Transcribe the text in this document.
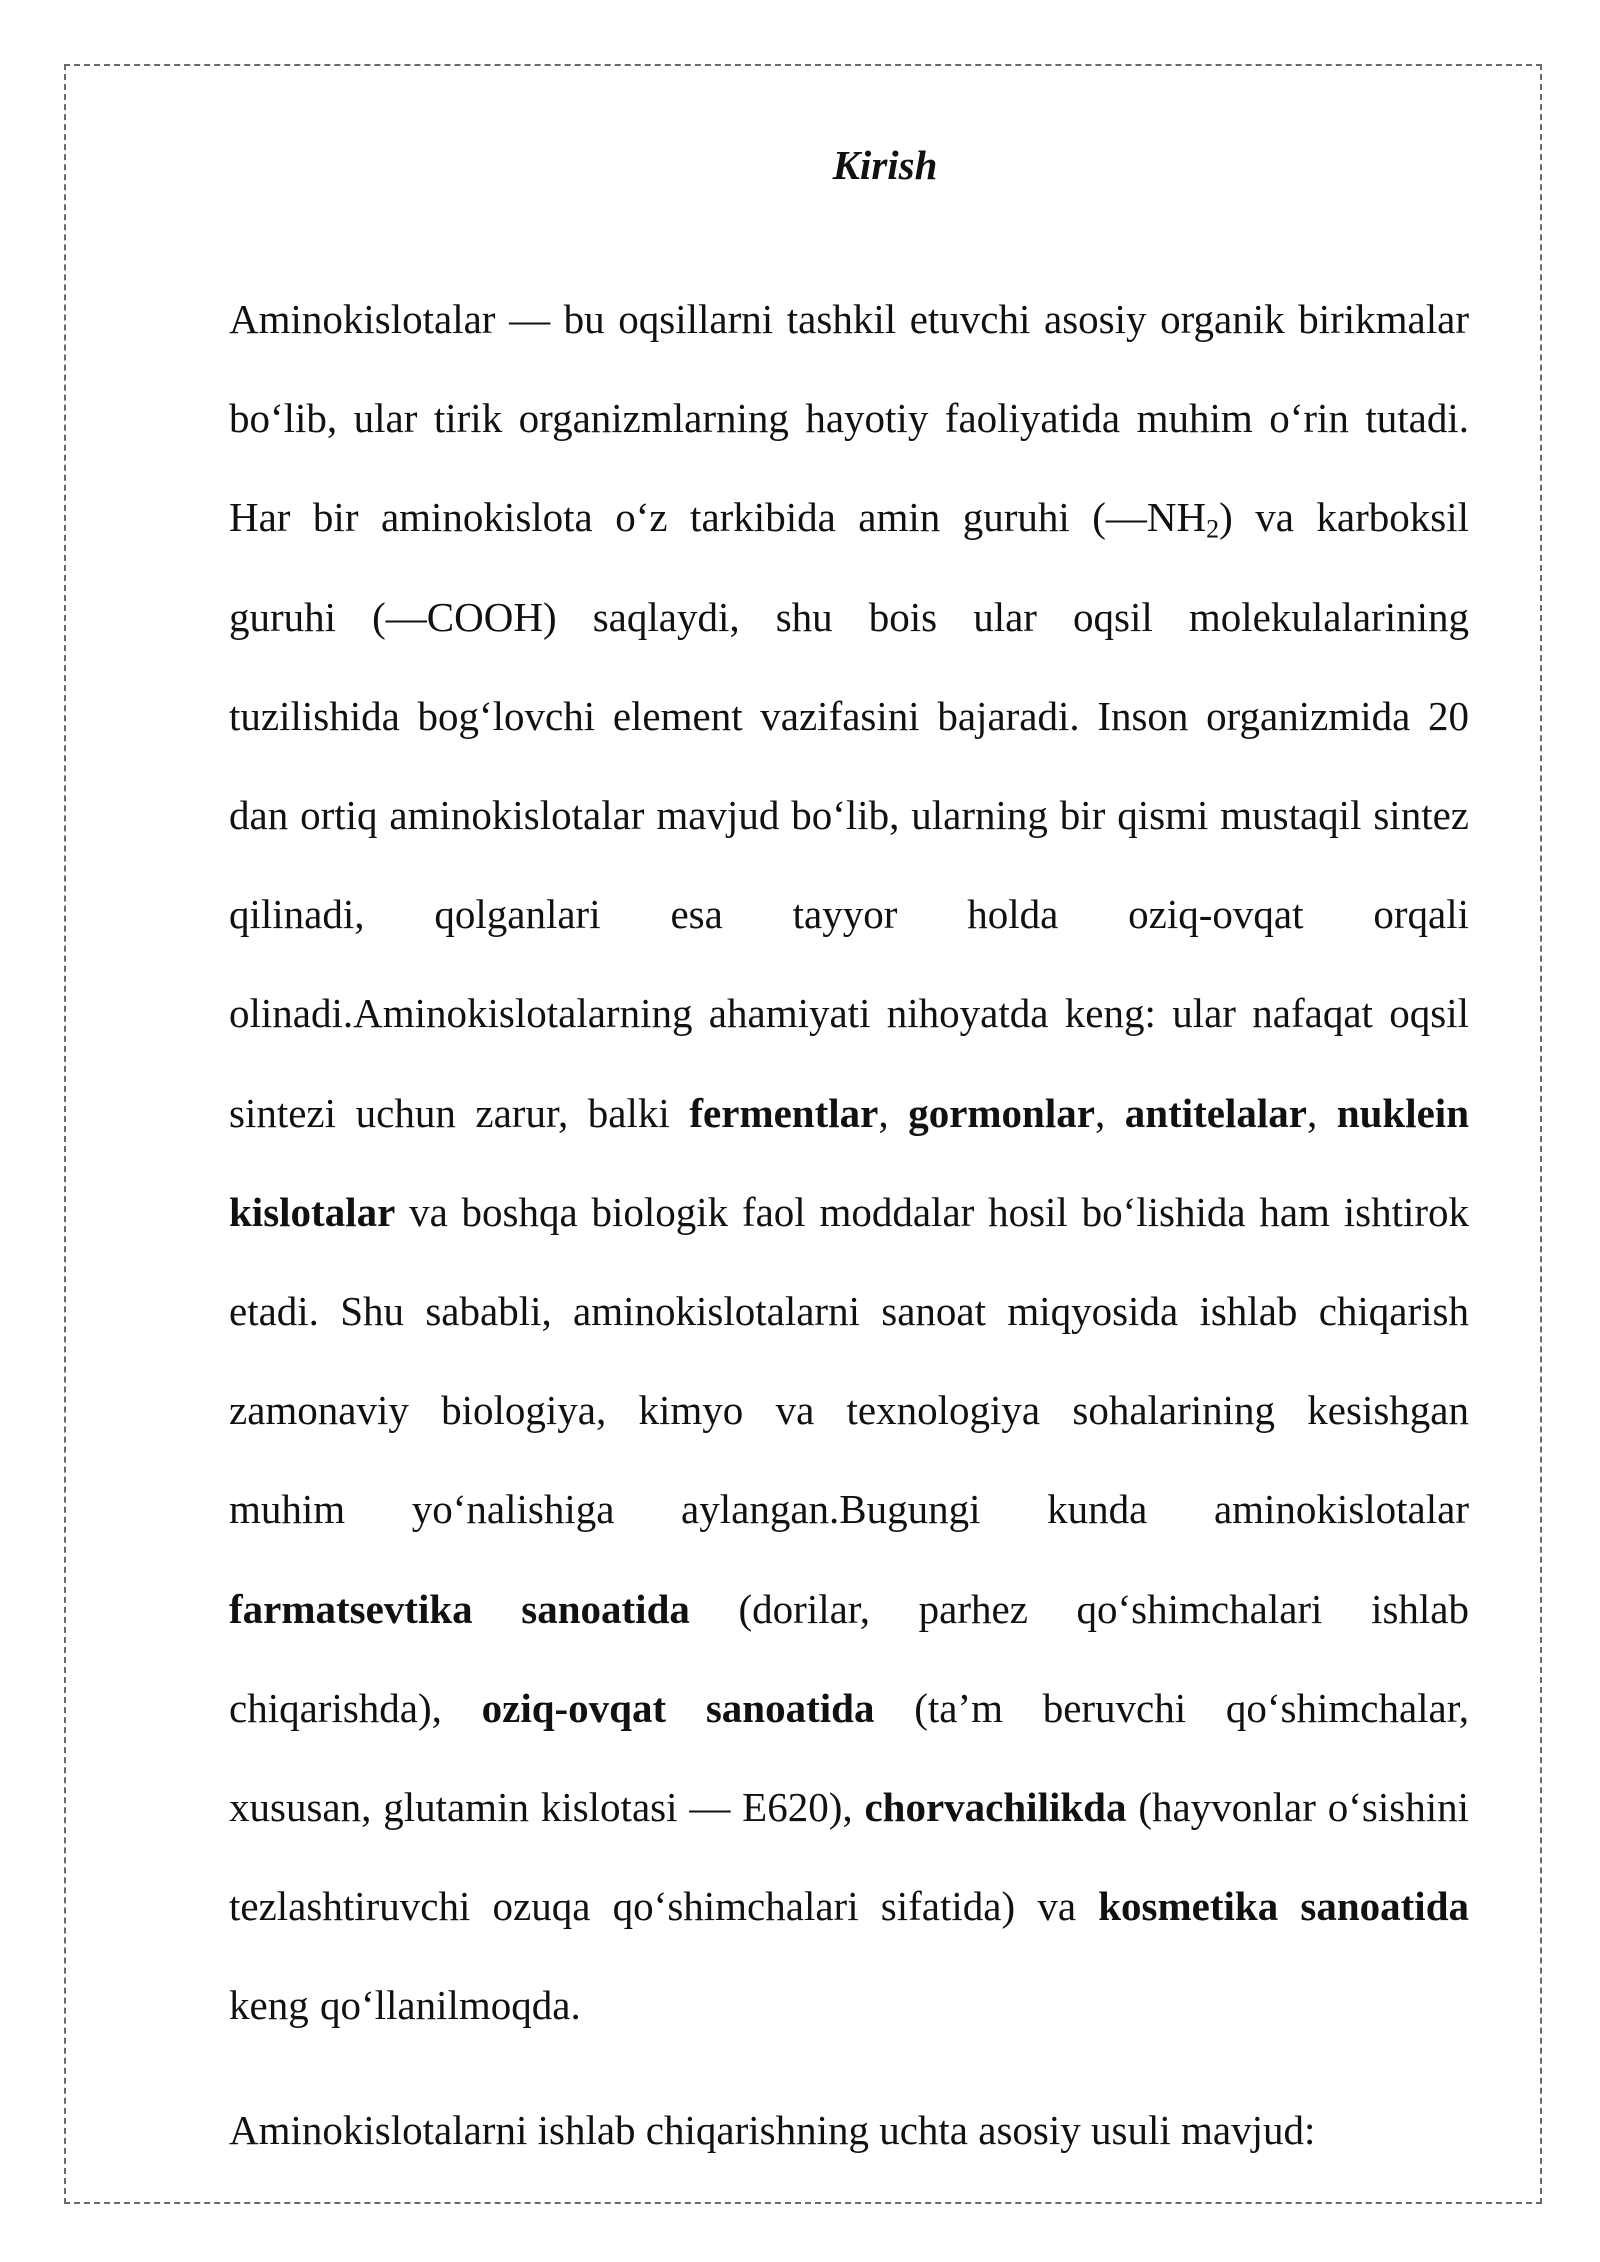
Kirish

Aminokislotalar — bu oqsillarni tashkil etuvchi asosiy organik birikmalar bo‘lib, ular tirik organizmlarning hayotiy faoliyatida muhim o‘rin tutadi. Har bir aminokislota o‘z tarkibida amin guruhi $(—NH_2)$ va karboksil guruhi (—COOH) saqlaydi, shu bois ular oqsil molekulalarining tuzilishida bog‘lovchi element vazifasini bajaradi. Inson organizmida 20 dan ortiq aminokislotalar mavjud bo‘lib, ularning bir qismi mustaqil sintez qilinadi, qolganlari esa tayyor holda oziq-ovqat orqali olinadi.Aminokislotalarning ahamiyati nihoyatda keng: ular nafaqat oqsil sintezi uchun zarur, balki fermentlar, gormonlar, antitelalar, nuklein kislotalar va boshqa biologik faol moddalar hosil bo‘lishida ham ishtirok etadi. Shu sababli, aminokislotalarni sanoat miqyosida ishlab chiqarish zamonaviy biologiya, kimyo va texnologiya sohalarining kesishgan muhim yo‘nalishiga aylangan.Bugungi kunda aminokislotalar farmatsevtika sanoatida (dorilar, parhez qo‘shimchalari ishlab chiqarishda), oziq-ovqat sanoatida (ta’m beruvchi qo‘shimchalar, xususan, glutamin kislotasi — E620), chorvachilikda (hayvonlar o‘sishini tezlashtiruvchi ozuqa qo‘shimchalari sifatida) va kosmetika sanoatida keng qo‘llanilmoqda.

Aminokislotalarni ishlab chiqarishning uchta asosiy usuli mavjud:
